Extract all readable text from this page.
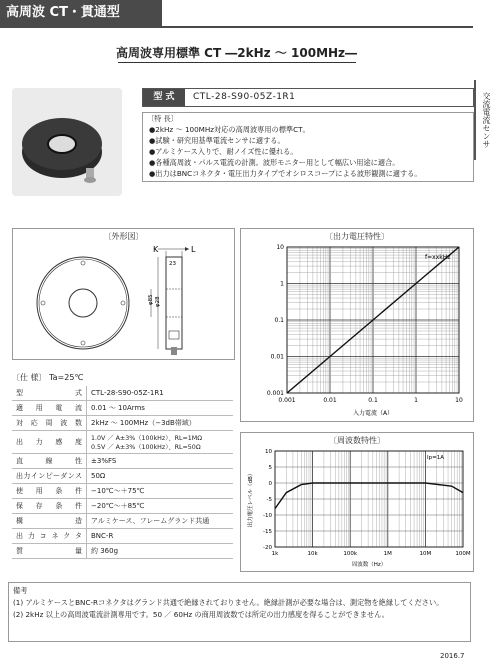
高周波 CT・貫通型
高周波専用標準 CT ―2kHz ～ 100MHz―
交流電流センサ
型 式	CTL-28-S90-05Z-1R1
〔特 長〕
●2kHz ～ 100MHz対応の高周波専用の標準CT。
●試験・研究用基準電流センサに適する。
●アルミケース入りで、耐ノイズ性に優れる。
●各種高周波・パルス電流の計測。波形モニター用として幅広い用途に適合。
●出力はBNCコネクタ・電圧出力タイプでオシロスコープによる波形観測に適する。
〔外形図〕
K	L
23
φ85 φ28
〔仕 様〕 Ta=25℃
型 式	CTL-28-S90-05Z-1R1
適 用 電 流	0.01 ～ 10Arms
対応周波数	2kHz ～ 100MHz（−3dB帯域）
出 力 感 度	1.0V ／ A±3%（100kHz）、RL=1MΩ
0.5V ／ A±3%（100kHz）、RL=50Ω
直 線 性	±3%FS
出力インピーダンス	50Ω
使 用 条 件	−10℃～＋75℃
保 存 条 件	−20℃～＋85℃
構 造	アルミケース、フレームグランド共通
出力コネクタ	BNC-R
質 量	約 360g
〔出力電圧特性〕
0.001	0.01	0.1	1	10
10
1
0.1
0.01
0.001
f=xxkHz
入力電流（A）
〔周波数特性〕
1k	10k	100k	1M	10M	100M
10
5
0
-5
-10
-15
-20
Ip=1A
出力電圧レベル（dB）
周波数（Hz）
備考
(1) アルミケースとBNC-Rコネクタはグランド共通で絶縁されておりません。絶縁計測が必要な場合は、測定物を絶縁してください。
(2) 2kHz 以上の高周波電流計測専用です。50 ／ 60Hz の商用周波数では所定の出力感度を得ることができません。
2016.7
